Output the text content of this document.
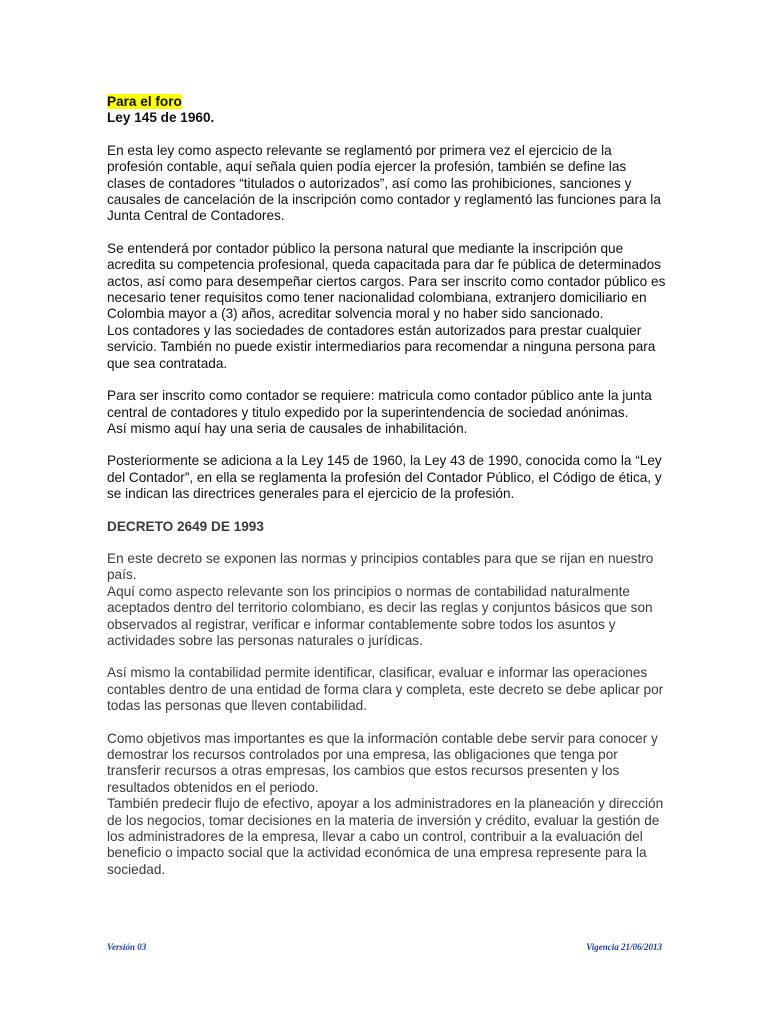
Para el foro

Ley 145 de 1960.

En esta ley como aspecto relevante se reglamentó por primera vez el ejercicio de la profesión contable, aquí señala quien podía ejercer la profesión, también se define las clases de contadores “titulados o autorizados”, así como las prohibiciones, sanciones y causales de cancelación de la inscripción como contador y reglamentó las funciones para la Junta Central de Contadores.

Se entenderá por contador público la persona natural que mediante la inscripción que acredita su competencia profesional, queda capacitada para dar fe pública de determinados actos, así como para desempeñar ciertos cargos. Para ser inscrito como contador público es necesario tener requisitos como tener nacionalidad colombiana, extranjero domiciliario en Colombia mayor a (3) años, acreditar solvencia moral y no haber sido sancionado.

Los contadores y las sociedades de contadores están autorizados para prestar cualquier servicio. También no puede existir intermediarios para recomendar a ninguna persona para que sea contratada.

Para ser inscrito como contador se requiere: matricula como contador público ante la junta central de contadores y titulo expedido por la superintendencia de sociedad anónimas.

Así mismo aquí hay una seria de causales de inhabilitación.

Posteriormente se adiciona a la Ley 145 de 1960, la Ley 43 de 1990, conocida como la “Ley del Contador”, en ella se reglamenta la profesión del Contador Público, el Código de ética, y se indican las directrices generales para el ejercicio de la profesión.

DECRETO 2649 DE 1993

En este decreto se exponen las normas y principios contables para que se rijan en nuestro país.

Aquí como aspecto relevante son los principios o normas de contabilidad naturalmente aceptados dentro del territorio colombiano, es decir las reglas y conjuntos básicos que son observados al registrar, verificar e informar contablemente sobre todos los asuntos y actividades sobre las personas naturales o jurídicas.

Así mismo la contabilidad permite identificar, clasificar, evaluar e informar las operaciones contables dentro de una entidad de forma clara y completa, este decreto se debe aplicar por todas las personas que lleven contabilidad.

Como objetivos mas importantes es que la información contable debe servir para conocer y demostrar los recursos controlados por una empresa, las obligaciones que tenga por transferir recursos a otras empresas, los cambios que estos recursos presenten y los resultados obtenidos en el periodo.

También predecir flujo de efectivo, apoyar a los administradores en la planeación y dirección de los negocios, tomar decisiones en la materia de inversión y crédito, evaluar la gestión de los administradores de la empresa, llevar a cabo un control, contribuir a la evaluación del beneficio o impacto social que la actividad económica de una empresa represente para la sociedad.

Versión 03	Vigencia 21/06/2013
